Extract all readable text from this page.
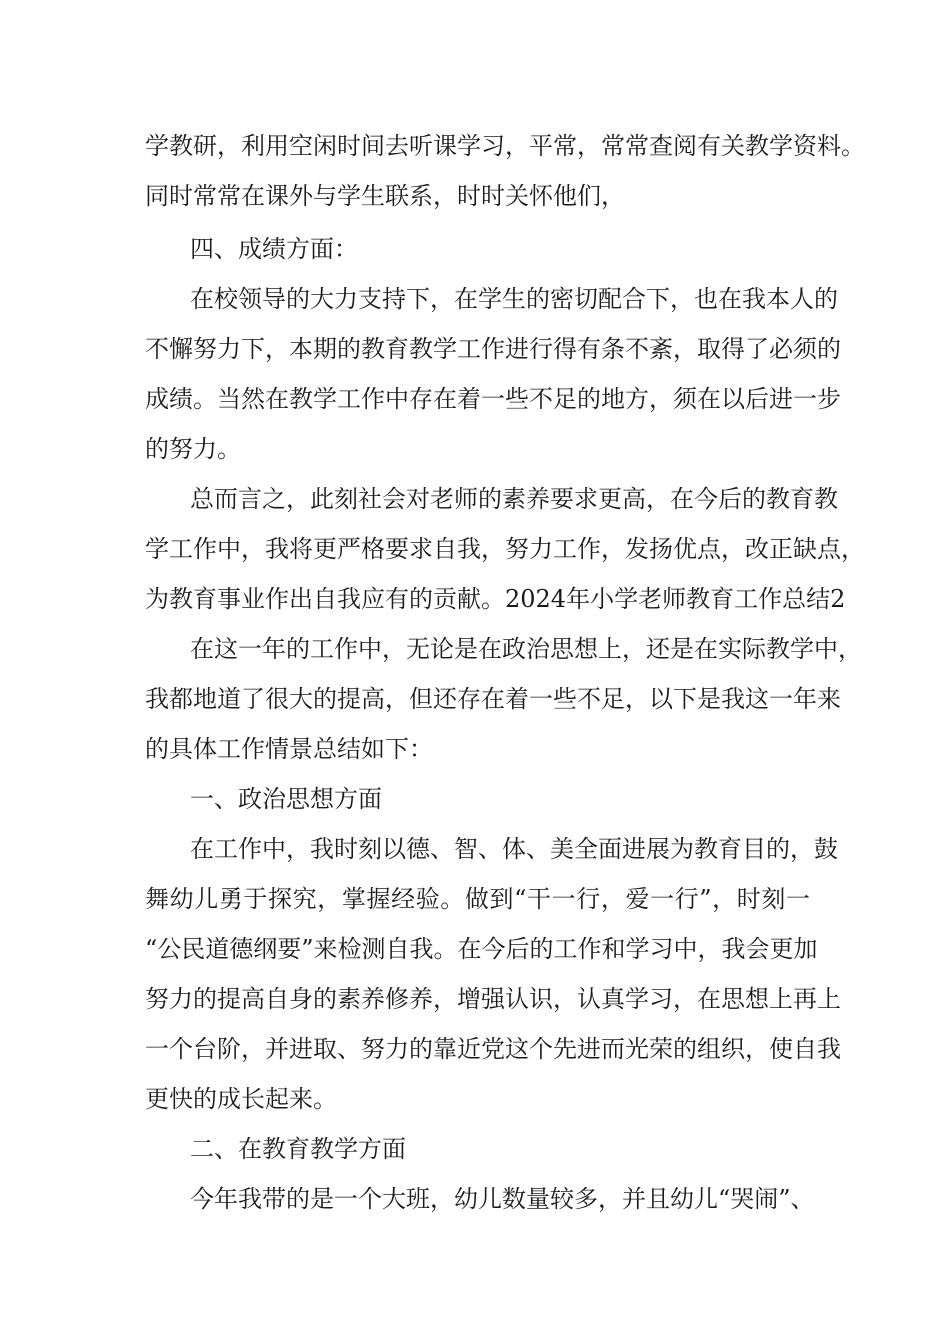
学教研，利用空闲时间去听课学习，平常，常常查阅有关教学资料。
同时常常在课外与学生联系，时时关怀他们，
四、成绩方面：
在校领导的大力支持下，在学生的密切配合下，也在我本人的
不懈努力下，本期的教育教学工作进行得有条不紊，取得了必须的
成绩。当然在教学工作中存在着一些不足的地方，须在以后进一步
的努力。
总而言之，此刻社会对老师的素养要求更高，在今后的教育教
学工作中，我将更严格要求自我，努力工作，发扬优点，改正缺点，
为教育事业作出自我应有的贡献。2024年小学老师教育工作总结2
在这一年的工作中，无论是在政治思想上，还是在实际教学中，
我都地道了很大的提高，但还存在着一些不足，以下是我这一年来
的具体工作情景总结如下：
一、政治思想方面
在工作中，我时刻以德、智、体、美全面进展为教育目的，鼓
舞幼儿勇于探究，掌握经验。做到“干一行，爱一行”，时刻一
“公民道德纲要”来检测自我。在今后的工作和学习中，我会更加
努力的提高自身的素养修养，增强认识，认真学习，在思想上再上
一个台阶，并进取、努力的靠近党这个先进而光荣的组织，使自我
更快的成长起来。
二、在教育教学方面
今年我带的是一个大班，幼儿数量较多，并且幼儿“哭闹”、
